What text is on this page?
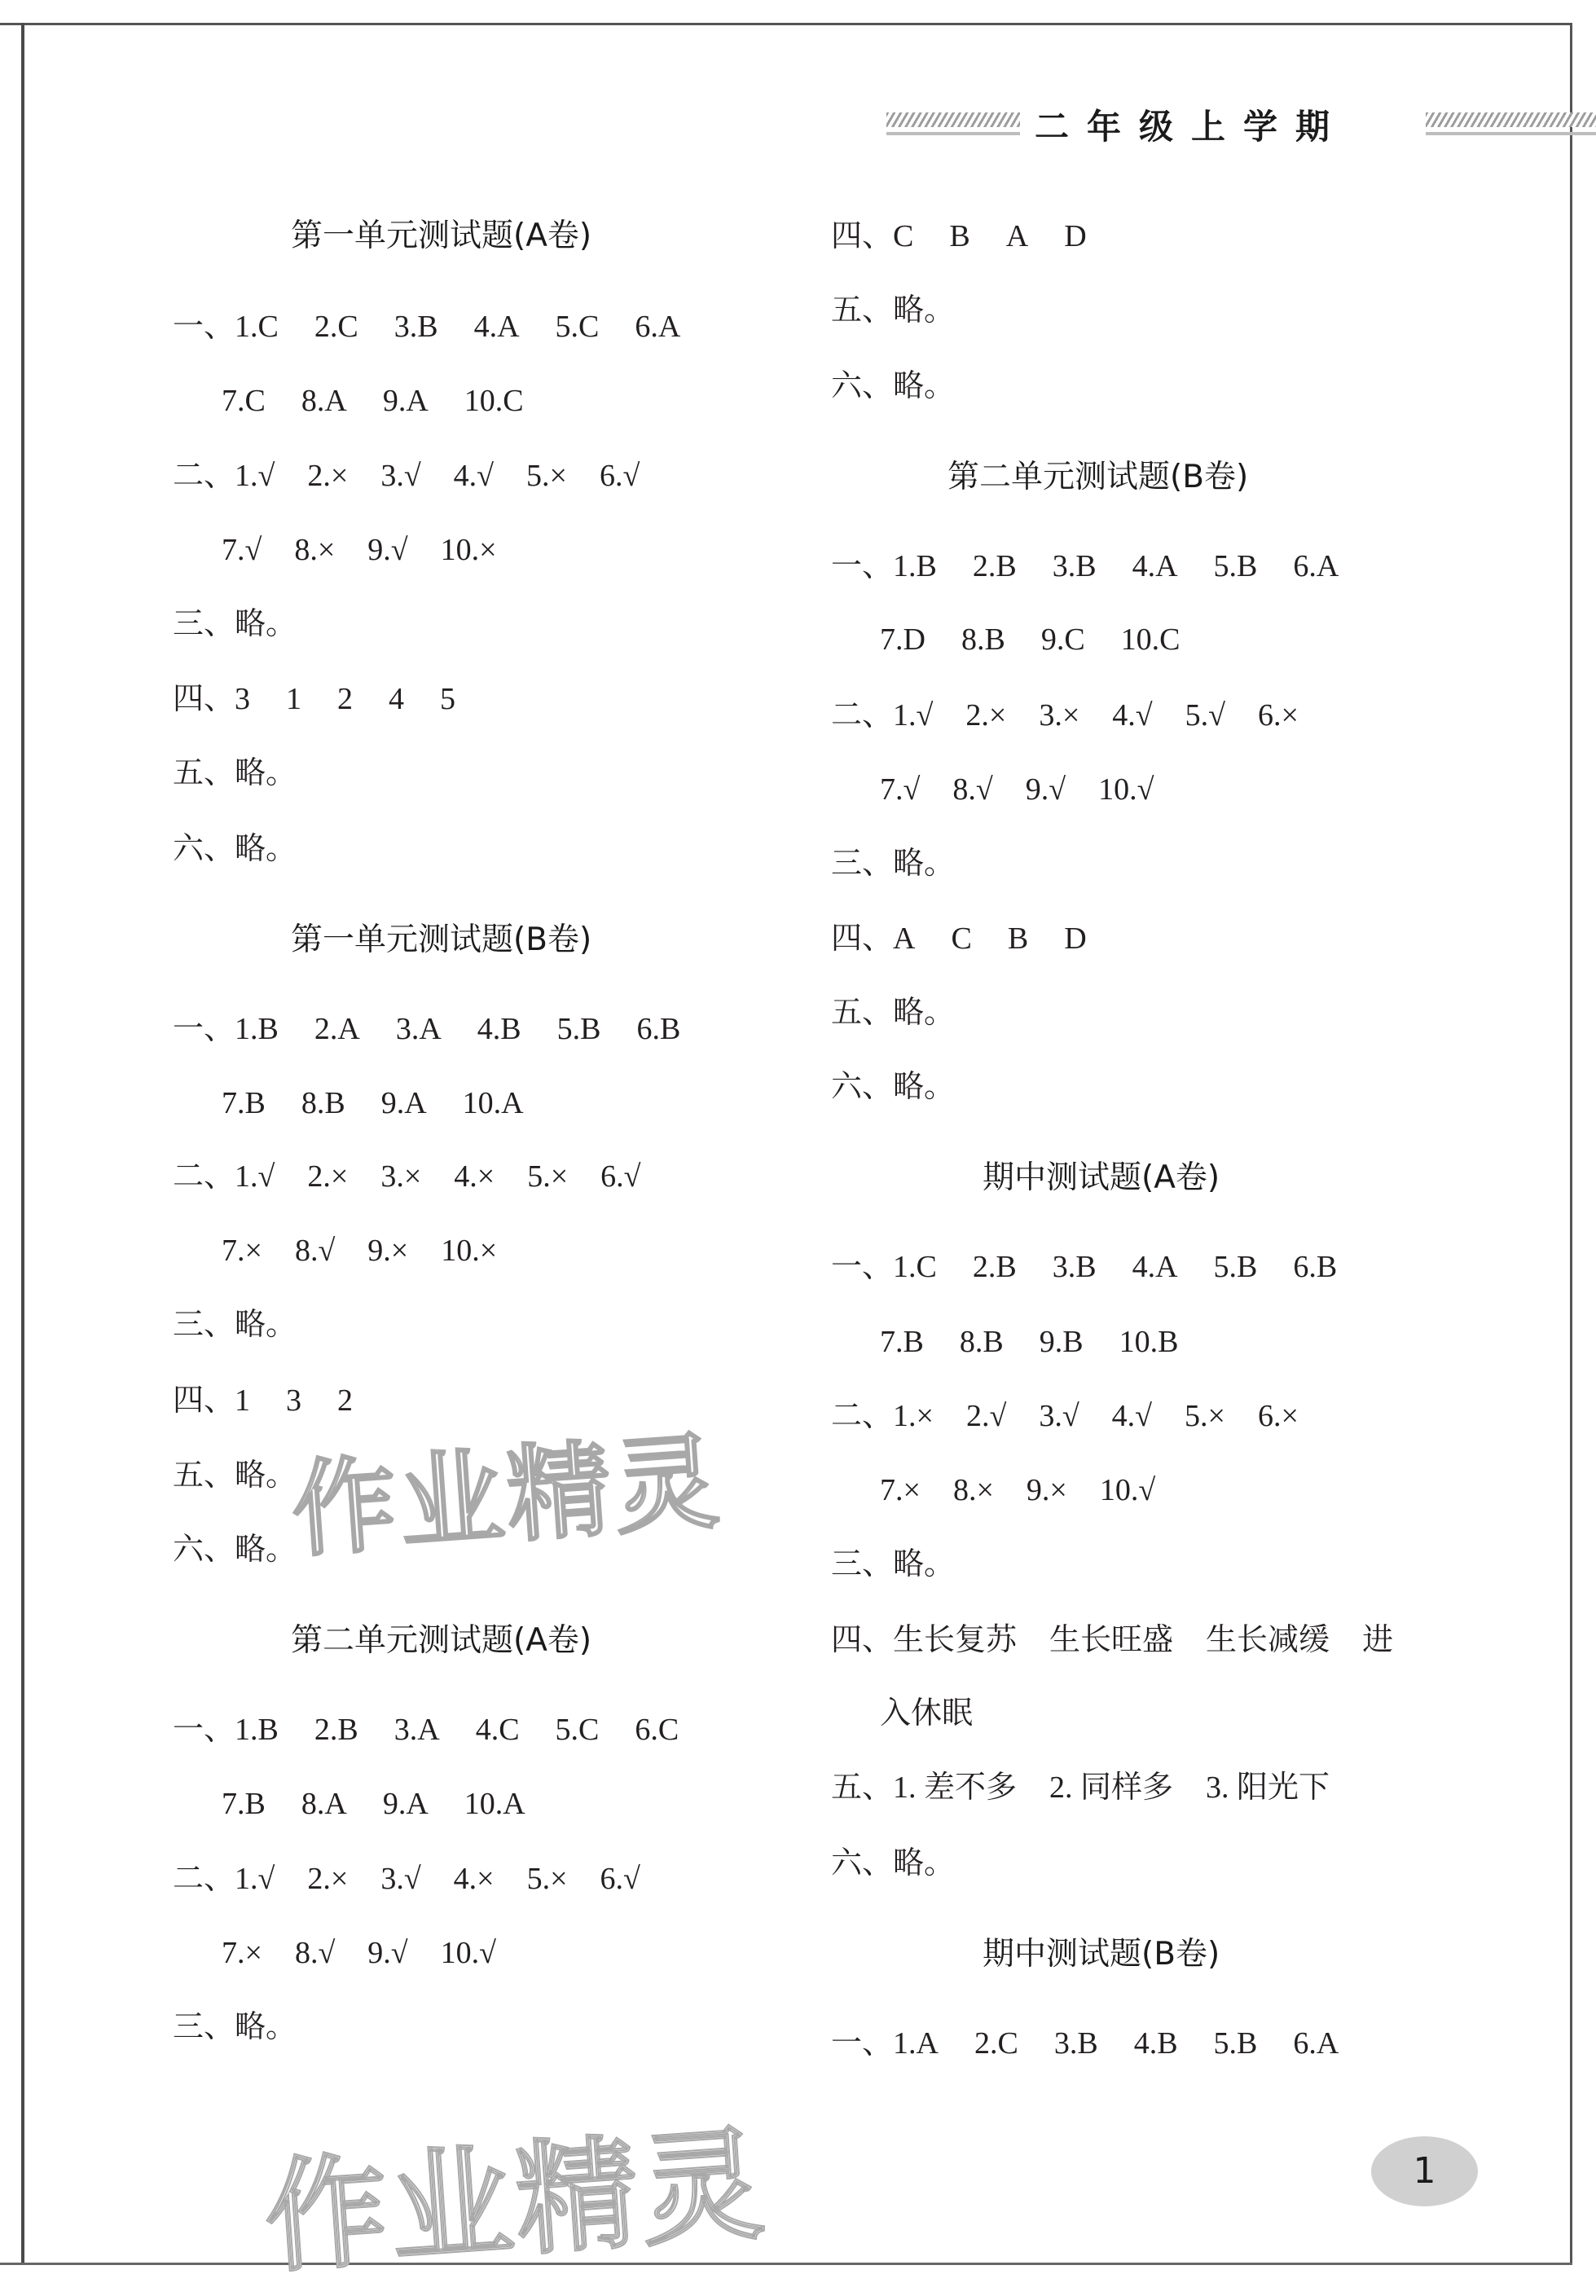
二年级上学期
第一单元测试题(A卷)
一、1.C 2.C 3.B 4.A 5.C 6.A
7.C 8.A 9.A 10.C
二、1.√ 2.× 3.√ 4.√ 5.× 6.√
7.√ 8.× 9.√ 10.×
三、略。
四、3 1 2 4 5
五、略。
六、略。
第一单元测试题(B卷)
一、1.B 2.A 3.A 4.B 5.B 6.B
7.B 8.B 9.A 10.A
二、1.√ 2.× 3.× 4.× 5.× 6.√
7.× 8.√ 9.× 10.×
三、略。
四、1 3 2
五、略。
六、略。
第二单元测试题(A卷)
一、1.B 2.B 3.A 4.C 5.C 6.C
7.B 8.A 9.A 10.A
二、1.√ 2.× 3.√ 4.× 5.× 6.√
7.× 8.√ 9.√ 10.√
三、略。
四、C B A D
五、略。
六、略。
第二单元测试题(B卷)
一、1.B 2.B 3.B 4.A 5.B 6.A
7.D 8.B 9.C 10.C
二、1.√ 2.× 3.× 4.√ 5.√ 6.×
7.√ 8.√ 9.√ 10.√
三、略。
四、A C B D
五、略。
六、略。
期中测试题(A卷)
一、1.C 2.B 3.B 4.A 5.B 6.B
7.B 8.B 9.B 10.B
二、1.× 2.√ 3.√ 4.√ 5.× 6.×
7.× 8.× 9.× 10.√
三、略。
四、生长复苏 生长旺盛 生长减缓 进
入休眠
五、1. 差不多 2. 同样多 3. 阳光下
六、略。
期中测试题(B卷)
一、1.A 2.C 3.B 4.B 5.B 6.A
作业精灵
作业精灵	1
